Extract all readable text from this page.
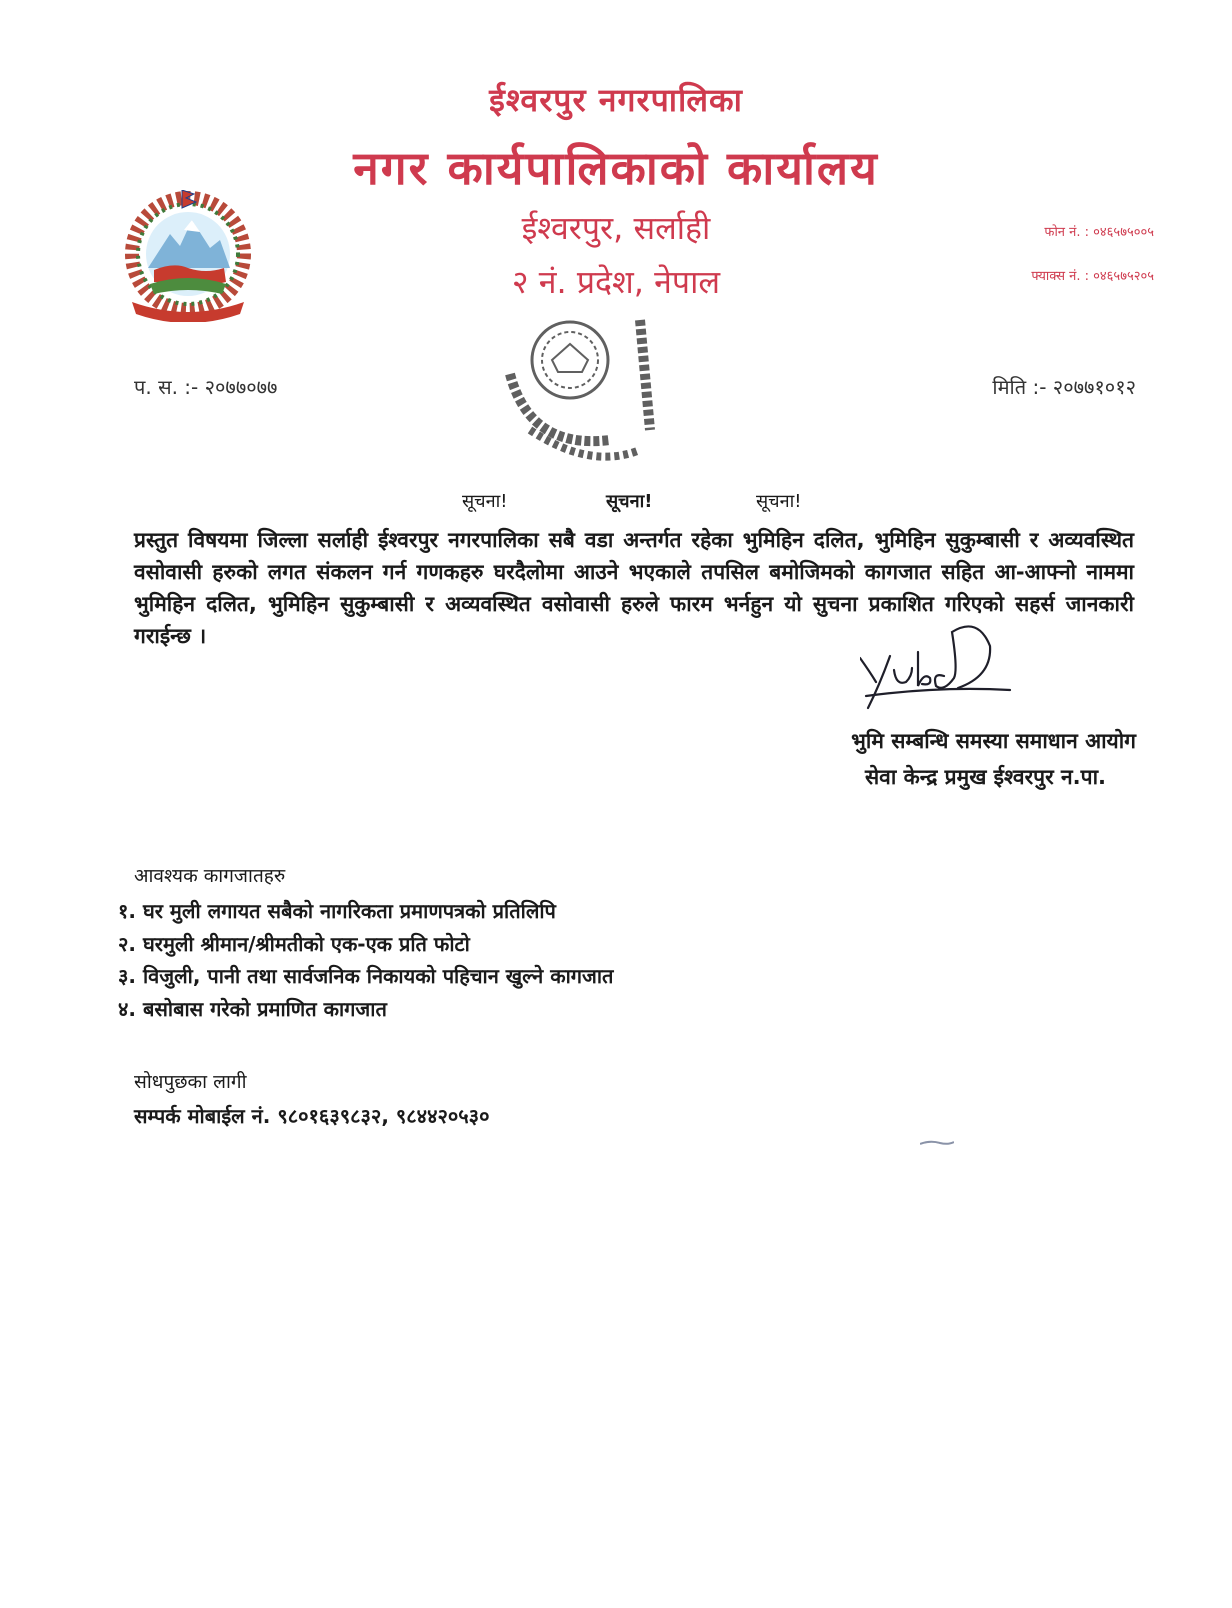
ईश्वरपुर नगरपालिका
नगर कार्यपालिकाको कार्यालय
ईश्वरपुर, सर्लाही
२ नं. प्रदेश, नेपाल
फोन नं. : ०४६५७५००५
फ्याक्स नं. : ०४६५७५२०५
प. स. :- २०७७०७७	मिति :- २०७७१०१२
सूचना!	सूचना!	सूचना!
प्रस्तुत विषयमा जिल्ला सर्लाही ईश्वरपुर नगरपालिका सबै वडा अन्तर्गत रहेका भुमिहिन दलित, भुमिहिन सुकुम्बासी र अव्यवस्थित वसोवासी हरुको लगत संकलन गर्न गणकहरु घरदैलोमा आउने भएकाले तपसिल बमोजिमको कागजात सहित आ-आफ्नो नाममा भुमिहिन दलित, भुमिहिन सुकुम्बासी र अव्यवस्थित वसोवासी हरुले फारम भर्नहुन यो सुचना प्रकाशित गरिएको सहर्स जानकारी गराईन्छ ।
भुमि सम्बन्धि समस्या समाधान आयोग
सेवा केन्द्र प्रमुख ईश्वरपुर न.पा.
आवश्यक कागजातहरु
१. घर मुली लगायत सबैको नागरिकता प्रमाणपत्रको प्रतिलिपि
२. घरमुली श्रीमान/श्रीमतीको एक-एक प्रति फोटो
३. विजुली, पानी तथा सार्वजनिक निकायको पहिचान खुल्ने कागजात
४. बसोबास गरेको प्रमाणित कागजात
सोधपुछका लागी
सम्पर्क मोबाईल नं. ९८०१६३९८३२, ९८४४२०५३०
